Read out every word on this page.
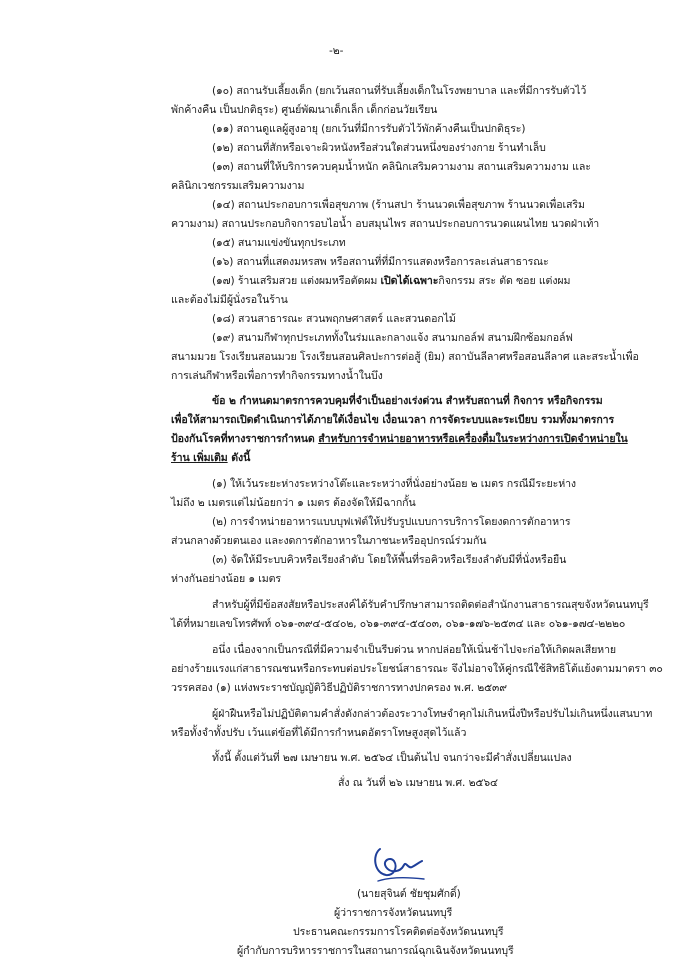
-๒-
(๑๐) สถานรับเลี้ยงเด็ก (ยกเว้นสถานที่รับเลี้ยงเด็กในโรงพยาบาล และที่มีการรับตัวไว้
พักค้างคืน เป็นปกติธุระ) ศูนย์พัฒนาเด็กเล็ก เด็กก่อนวัยเรียน
(๑๑) สถานดูแลผู้สูงอายุ (ยกเว้นที่มีการรับตัวไว้พักค้างคืนเป็นปกติธุระ)
(๑๒) สถานที่สักหรือเจาะผิวหนังหรือส่วนใดส่วนหนึ่งของร่างกาย ร้านทำเล็บ
(๑๓) สถานที่ให้บริการควบคุมน้ำหนัก คลินิกเสริมความงาม สถานเสริมความงาม และ
คลินิกเวชกรรมเสริมความงาม
(๑๔) สถานประกอบการเพื่อสุขภาพ (ร้านสปา ร้านนวดเพื่อสุขภาพ ร้านนวดเพื่อเสริม
ความงาม) สถานประกอบกิจการอบไอน้ำ อบสมุนไพร สถานประกอบการนวดแผนไทย นวดฝ่าเท้า
(๑๕) สนามแข่งขันทุกประเภท
(๑๖) สถานที่แสดงมหรสพ หรือสถานที่ที่มีการแสดงหรือการละเล่นสาธารณะ
(๑๗) ร้านเสริมสวย แต่งผมหรือตัดผม เปิดได้เฉพาะกิจกรรม สระ ตัด ซอย แต่งผม
และต้องไม่มีผู้นั่งรอในร้าน
(๑๘) สวนสาธารณะ สวนพฤกษศาสตร์ และสวนดอกไม้
(๑๙) สนามกีฬาทุกประเภททั้งในร่มและกลางแจ้ง สนามกอล์ฟ สนามฝึกซ้อมกอล์ฟ
สนามมวย โรงเรียนสอนมวย โรงเรียนสอนศิลปะการต่อสู้ (ยิม) สถาบันลีลาศหรือสอนลีลาศ และสระน้ำเพื่อ
การเล่นกีฬาหรือเพื่อการทำกิจกรรมทางน้ำในบึง
ข้อ ๒ กำหนดมาตรการควบคุมที่จำเป็นอย่างเร่งด่วน สำหรับสถานที่ กิจการ หรือกิจกรรม
เพื่อให้สามารถเปิดดำเนินการได้ภายใต้เงื่อนไข เงื่อนเวลา การจัดระบบและระเบียบ รวมทั้งมาตรการ
ป้องกันโรคที่ทางราชการกำหนด สำหรับการจำหน่ายอาหารหรือเครื่องดื่มในระหว่างการเปิดจำหน่ายใน
ร้าน เพิ่มเติม ดังนี้
(๑) ให้เว้นระยะห่างระหว่างโต๊ะและระหว่างที่นั่งอย่างน้อย ๒ เมตร กรณีมีระยะห่าง
ไม่ถึง ๒ เมตรแต่ไม่น้อยกว่า ๑ เมตร ต้องจัดให้มีฉากกั้น
(๒) การจำหน่ายอาหารแบบบุฟเฟ่ต์ให้ปรับรูปแบบการบริการโดยงดการตักอาหาร
ส่วนกลางด้วยตนเอง และงดการตักอาหารในภาชนะหรืออุปกรณ์ร่วมกัน
(๓) จัดให้มีระบบคิวหรือเรียงลำดับ โดยให้พื้นที่รอคิวหรือเรียงลำดับมีที่นั่งหรือยืน
ห่างกันอย่างน้อย ๑ เมตร
สำหรับผู้ที่มีข้อสงสัยหรือประสงค์ได้รับคำปรึกษาสามารถติดต่อสำนักงานสาธารณสุขจังหวัดนนทบุรี
ได้ที่หมายเลขโทรศัพท์ ๐๖๑-๓๙๔-๕๔๐๒, ๐๖๑-๓๙๔-๕๔๐๓, ๐๖๑-๑๗๖-๒๕๓๔ และ ๐๖๑-๑๗๔-๒๒๒๐
อนึ่ง เนื่องจากเป็นกรณีที่มีความจำเป็นรีบด่วน หากปล่อยให้เนิ่นช้าไปจะก่อให้เกิดผลเสียหาย
อย่างร้ายแรงแก่สาธารณชนหรือกระทบต่อประโยชน์สาธารณะ จึงไม่อาจให้คู่กรณีใช้สิทธิโต้แย้งตามมาตรา ๓๐
วรรคสอง (๑) แห่งพระราชบัญญัติวิธีปฏิบัติราชการทางปกครอง พ.ศ. ๒๕๓๙
ผู้ฝ่าฝืนหรือไม่ปฏิบัติตามคำสั่งดังกล่าวต้องระวางโทษจำคุกไม่เกินหนึ่งปีหรือปรับไม่เกินหนึ่งแสนบาท
หรือทั้งจำทั้งปรับ เว้นแต่ข้อที่ได้มีการกำหนดอัตราโทษสูงสุดไว้แล้ว
ทั้งนี้ ตั้งแต่วันที่ ๒๗ เมษายน พ.ศ. ๒๕๖๔ เป็นต้นไป จนกว่าจะมีคำสั่งเปลี่ยนแปลง
สั่ง ณ วันที่ ๒๖ เมษายน พ.ศ. ๒๕๖๔
(นายสุจินต์ ชัยชุมศักดิ์)
ผู้ว่าราชการจังหวัดนนทบุรี
ประธานคณะกรรมการโรคติดต่อจังหวัดนนทบุรี
ผู้กำกับการบริหารราชการในสถานการณ์ฉุกเฉินจังหวัดนนทบุรี
